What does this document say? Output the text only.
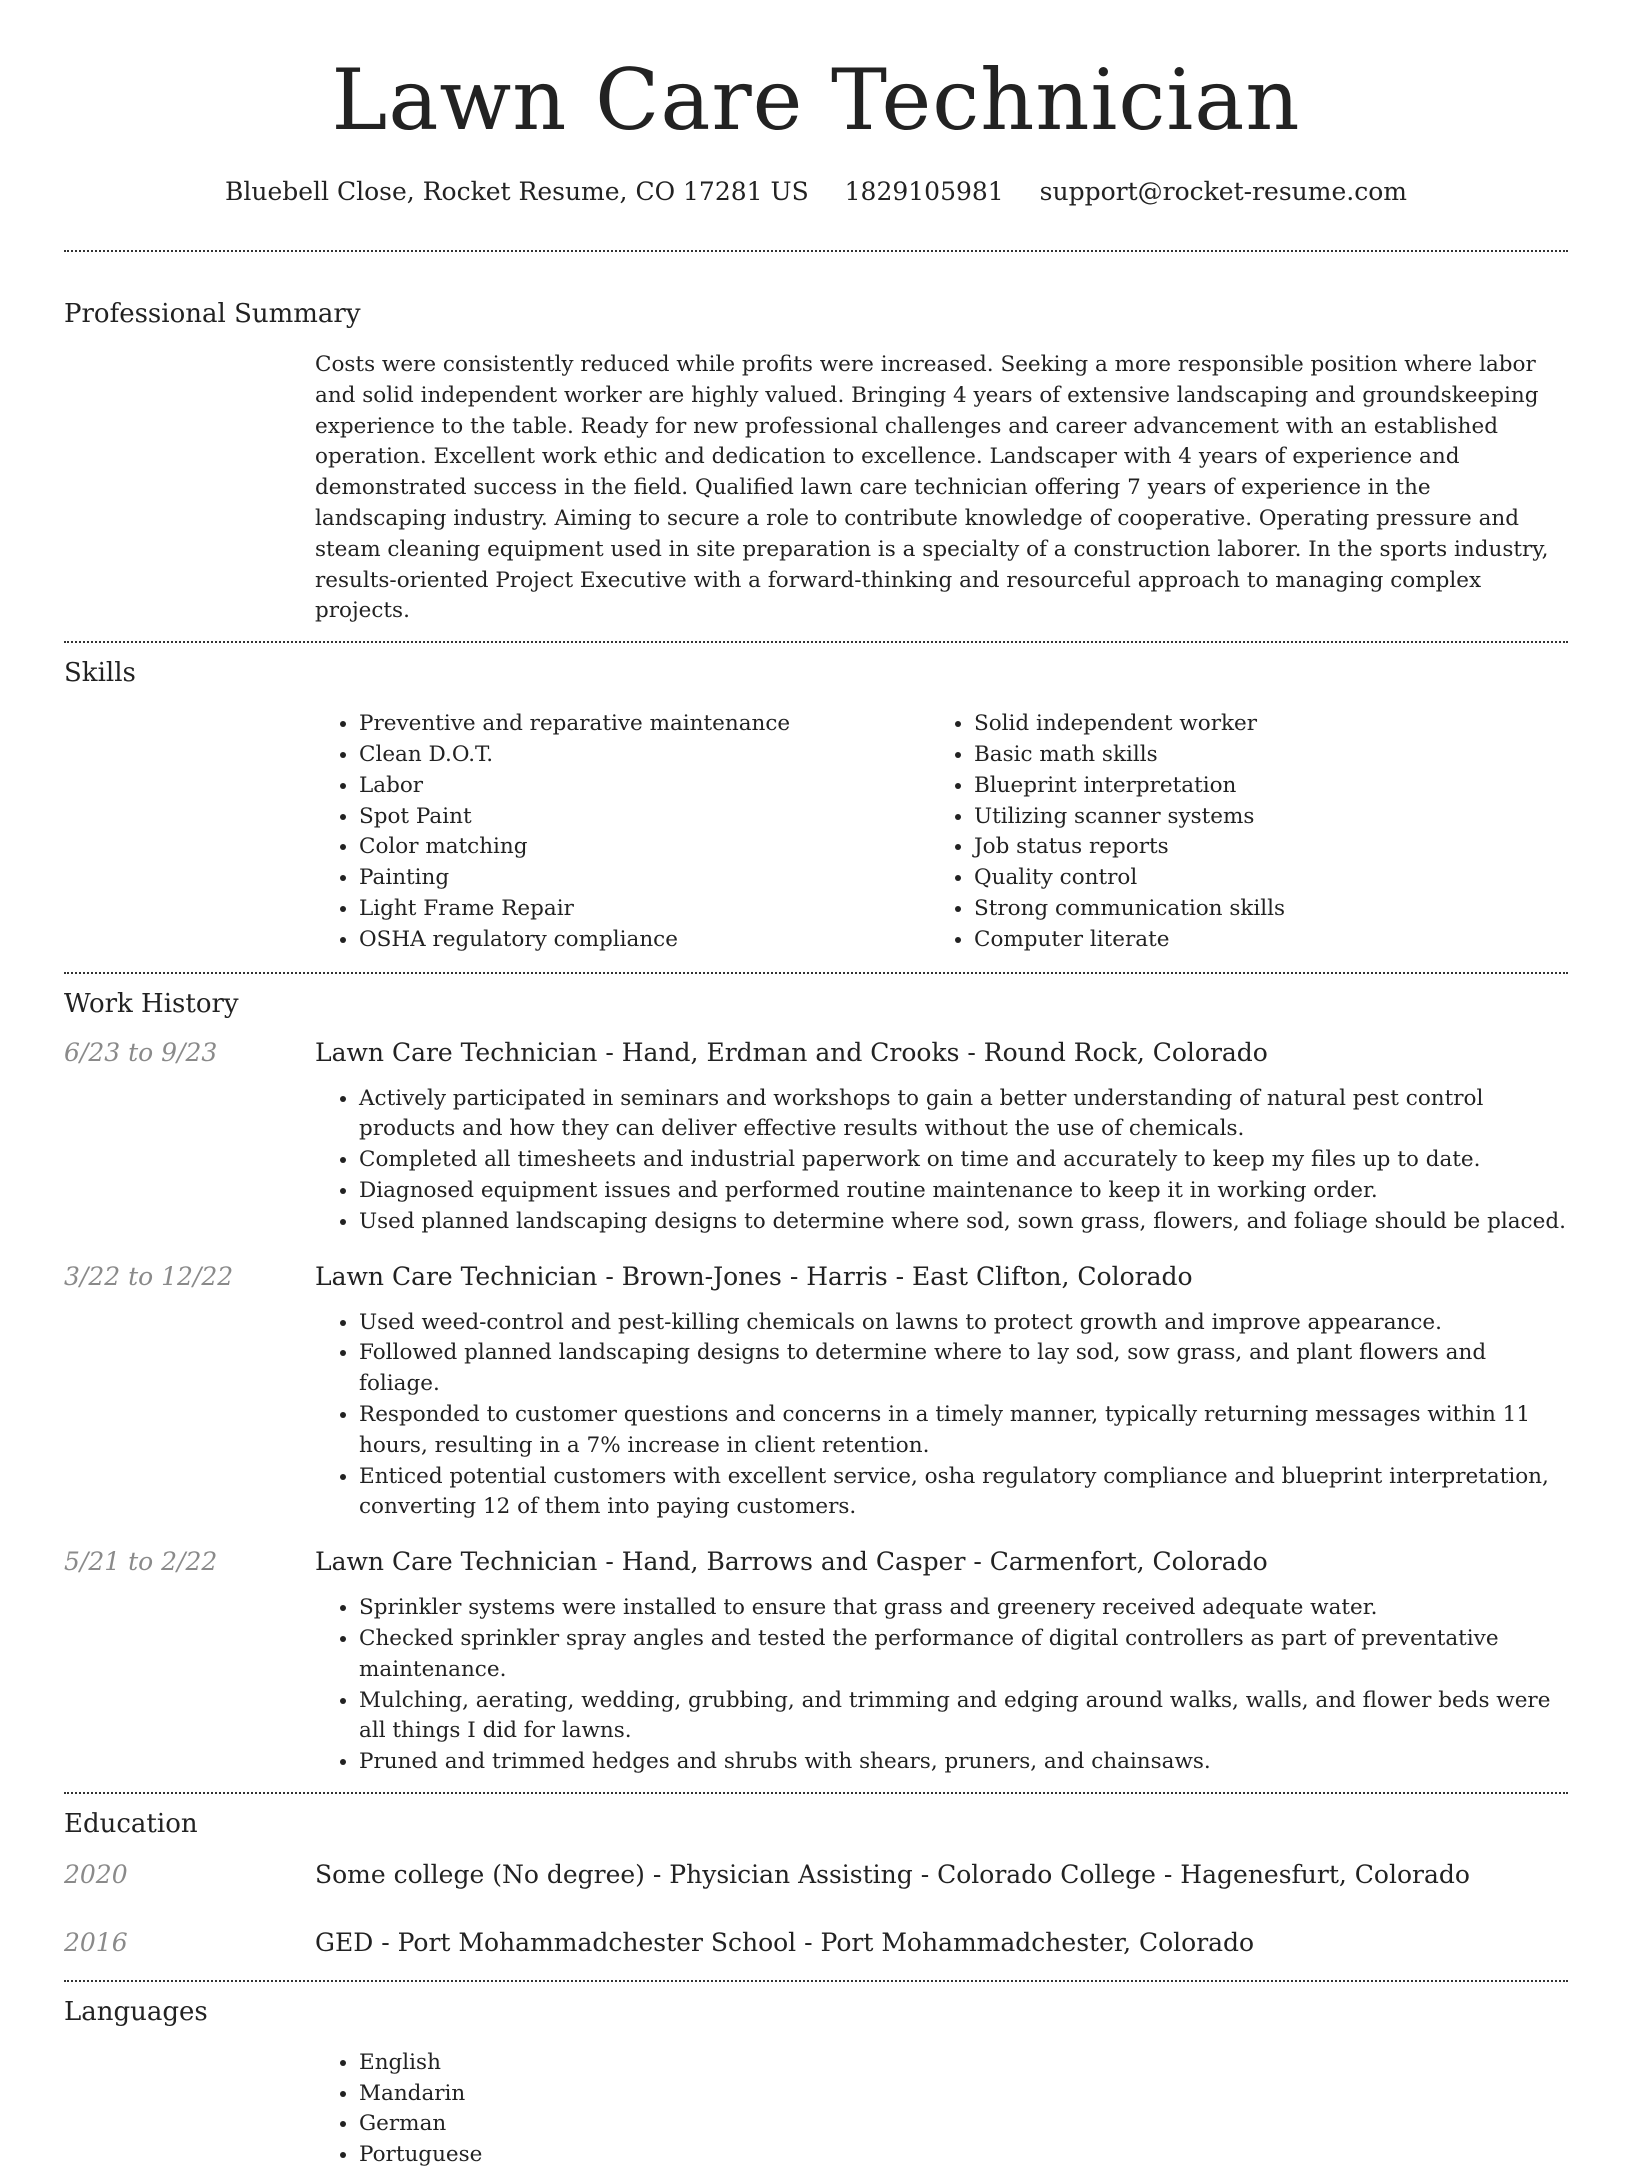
Lawn Care Technician
Bluebell Close, Rocket Resume, CO 17281 US 1829105981 support@rocket-resume.com
Professional Summary
Costs were consistently reduced while profits were increased. Seeking a more responsible position where labor and solid independent worker are highly valued. Bringing 4 years of extensive landscaping and groundskeeping experience to the table. Ready for new professional challenges and career advancement with an established operation. Excellent work ethic and dedication to excellence. Landscaper with 4 years of experience and demonstrated success in the field. Qualified lawn care technician offering 7 years of experience in the landscaping industry. Aiming to secure a role to contribute knowledge of cooperative. Operating pressure and steam cleaning equipment used in site preparation is a specialty of a construction laborer. In the sports industry, results-oriented Project Executive with a forward-thinking and resourceful approach to managing complex projects.
Skills
• Preventive and reparative maintenance
• Clean D.O.T.
• Labor
• Spot Paint
• Color matching
• Painting
• Light Frame Repair
• OSHA regulatory compliance
• Solid independent worker
• Basic math skills
• Blueprint interpretation
• Utilizing scanner systems
• Job status reports
• Quality control
• Strong communication skills
• Computer literate
Work History
6/23 to 9/23	Lawn Care Technician - Hand, Erdman and Crooks - Round Rock, Colorado
• Actively participated in seminars and workshops to gain a better understanding of natural pest control products and how they can deliver effective results without the use of chemicals.
• Completed all timesheets and industrial paperwork on time and accurately to keep my files up to date.
• Diagnosed equipment issues and performed routine maintenance to keep it in working order.
• Used planned landscaping designs to determine where sod, sown grass, flowers, and foliage should be placed.
3/22 to 12/22	Lawn Care Technician - Brown-Jones - Harris - East Clifton, Colorado
• Used weed-control and pest-killing chemicals on lawns to protect growth and improve appearance.
• Followed planned landscaping designs to determine where to lay sod, sow grass, and plant flowers and foliage.
• Responded to customer questions and concerns in a timely manner, typically returning messages within 11 hours, resulting in a 7% increase in client retention.
• Enticed potential customers with excellent service, osha regulatory compliance and blueprint interpretation, converting 12 of them into paying customers.
5/21 to 2/22	Lawn Care Technician - Hand, Barrows and Casper - Carmenfort, Colorado
• Sprinkler systems were installed to ensure that grass and greenery received adequate water.
• Checked sprinkler spray angles and tested the performance of digital controllers as part of preventative maintenance.
• Mulching, aerating, wedding, grubbing, and trimming and edging around walks, walls, and flower beds were all things I did for lawns.
• Pruned and trimmed hedges and shrubs with shears, pruners, and chainsaws.
Education
2020	Some college (No degree) - Physician Assisting - Colorado College - Hagenesfurt, Colorado
2016	GED - Port Mohammadchester School - Port Mohammadchester, Colorado
Languages
• English
• Mandarin
• German
• Portuguese
